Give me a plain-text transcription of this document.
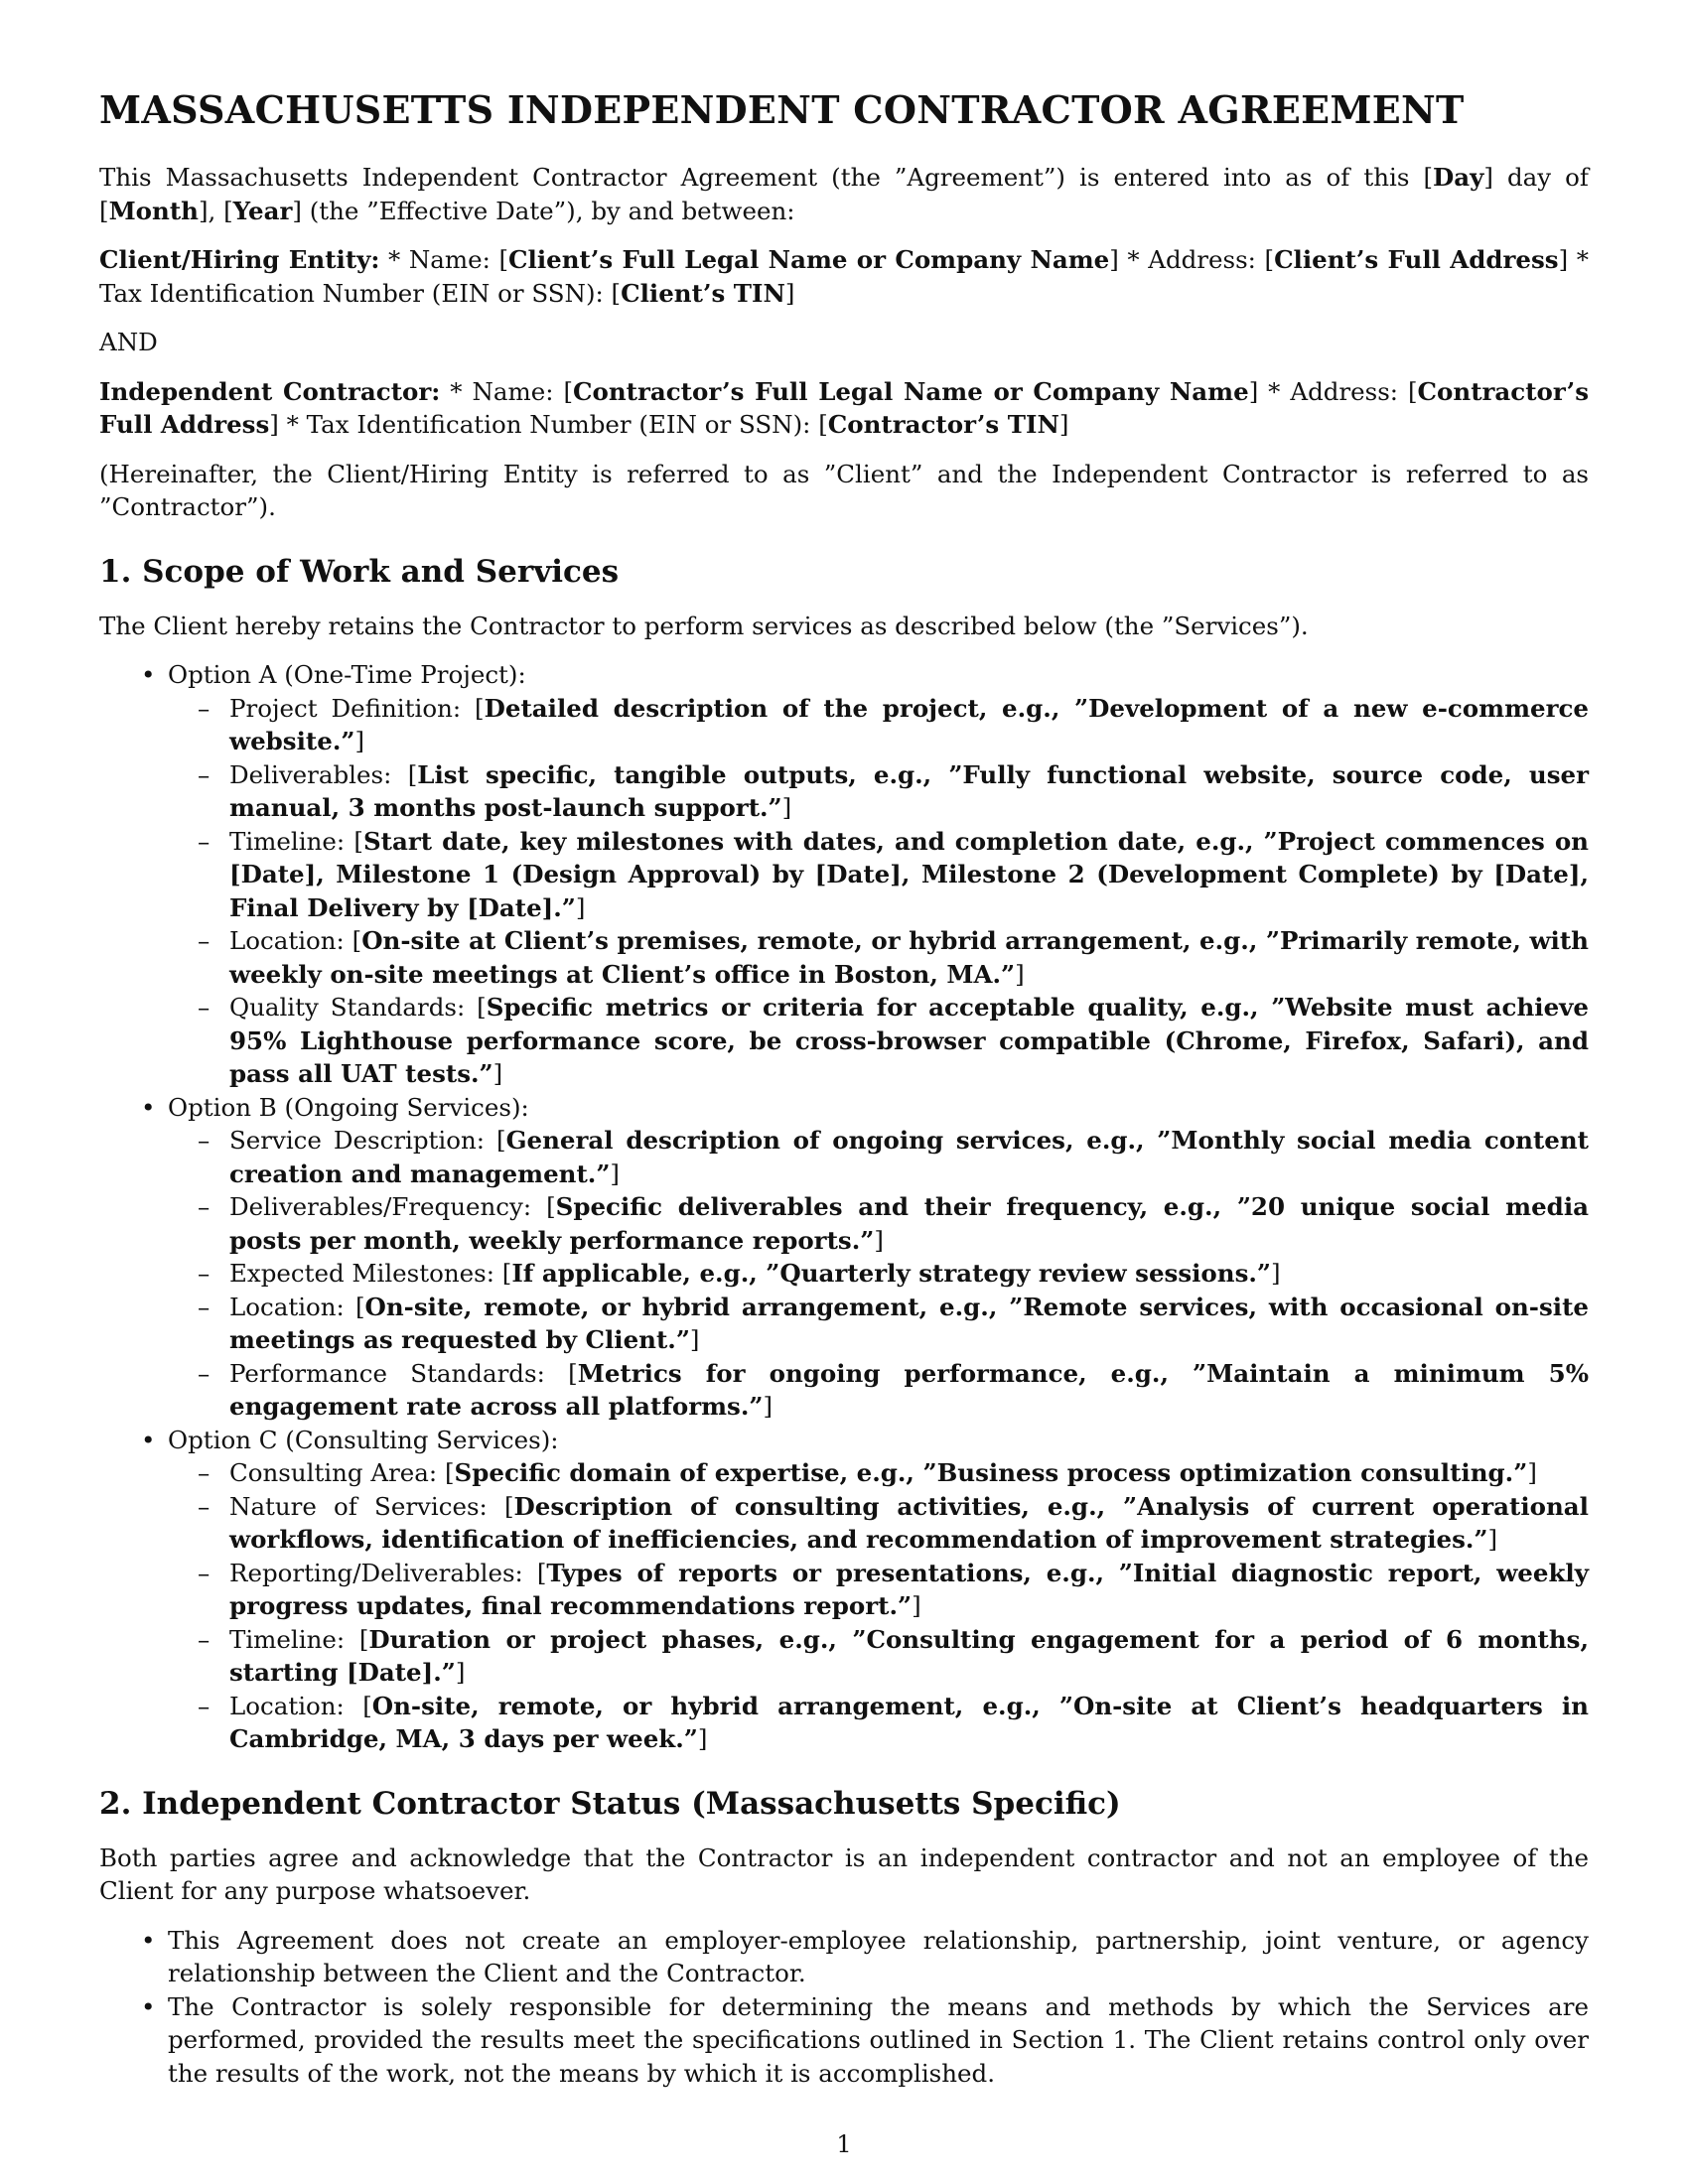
MASSACHUSETTS INDEPENDENT CONTRACTOR AGREEMENT

This Massachusetts Independent Contractor Agreement (the ”Agreement”) is entered into as of this [Day] day of [Month], [Year] (the ”Effective Date”), by and between:

Client/Hiring Entity: * Name: [Client’s Full Legal Name or Company Name] * Address: [Client’s Full Address] * Tax Identification Number (EIN or SSN): [Client’s TIN]

AND

Independent Contractor: * Name: [Contractor’s Full Legal Name or Company Name] * Address: [Contractor’s Full Address] * Tax Identification Number (EIN or SSN): [Contractor’s TIN]

(Hereinafter, the Client/Hiring Entity is referred to as ”Client” and the Independent Contractor is referred to as ”Contractor”).

1. Scope of Work and Services

The Client hereby retains the Contractor to perform services as described below (the ”Services”).

• Option A (One-Time Project):
– Project Definition: [Detailed description of the project, e.g., ”Development of a new e-commerce website.”]
– Deliverables: [List specific, tangible outputs, e.g., ”Fully functional website, source code, user manual, 3 months post-launch support.”]
– Timeline: [Start date, key milestones with dates, and completion date, e.g., ”Project commences on [Date], Milestone 1 (Design Approval) by [Date], Milestone 2 (Development Complete) by [Date], Final Delivery by [Date].”]
– Location: [On-site at Client’s premises, remote, or hybrid arrangement, e.g., ”Primarily remote, with weekly on-site meetings at Client’s office in Boston, MA.”]
– Quality Standards: [Specific metrics or criteria for acceptable quality, e.g., ”Website must achieve 95% Lighthouse performance score, be cross-browser compatible (Chrome, Firefox, Safari), and pass all UAT tests.”]
• Option B (Ongoing Services):
– Service Description: [General description of ongoing services, e.g., ”Monthly social media content creation and management.”]
– Deliverables/Frequency: [Specific deliverables and their frequency, e.g., ”20 unique social media posts per month, weekly performance reports.”]
– Expected Milestones: [If applicable, e.g., ”Quarterly strategy review sessions.”]
– Location: [On-site, remote, or hybrid arrangement, e.g., ”Remote services, with occasional on-site meetings as requested by Client.”]
– Performance Standards: [Metrics for ongoing performance, e.g., ”Maintain a minimum 5% engagement rate across all platforms.”]
• Option C (Consulting Services):
– Consulting Area: [Specific domain of expertise, e.g., ”Business process optimization consulting.”]
– Nature of Services: [Description of consulting activities, e.g., ”Analysis of current operational workflows, identification of inefficiencies, and recommendation of improvement strategies.”]
– Reporting/Deliverables: [Types of reports or presentations, e.g., ”Initial diagnostic report, weekly progress updates, final recommendations report.”]
– Timeline: [Duration or project phases, e.g., ”Consulting engagement for a period of 6 months, starting [Date].”]
– Location: [On-site, remote, or hybrid arrangement, e.g., ”On-site at Client’s headquarters in Cambridge, MA, 3 days per week.”]
2. Independent Contractor Status (Massachusetts Specific)

Both parties agree and acknowledge that the Contractor is an independent contractor and not an employee of the Client for any purpose whatsoever.

• This Agreement does not create an employer-employee relationship, partnership, joint venture, or agency relationship between the Client and the Contractor.
• The Contractor is solely responsible for determining the means and methods by which the Services are performed, provided the results meet the specifications outlined in Section 1. The Client retains control only over the results of the work, not the means by which it is accomplished.
1
